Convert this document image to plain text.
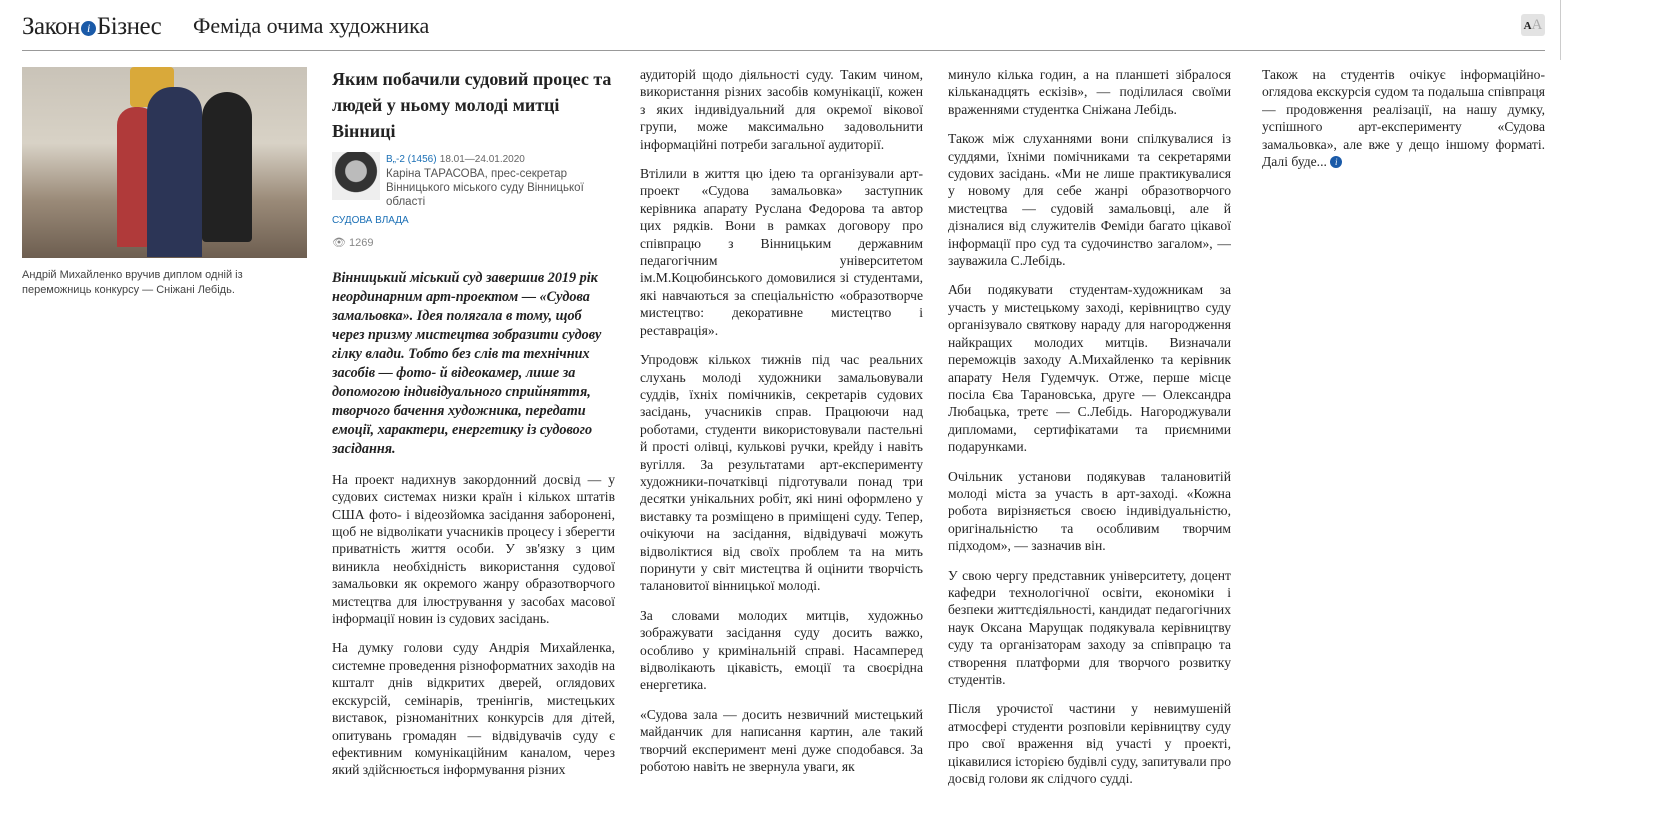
Закон і Бізнес Феміда очима художника	AA
Андрій Михайленко вручив диплом одній із переможниць конкурсу — Сніжані Лебідь.
Яким побачили судовий процес та людей у ньому молоді митці Вінниці
В„-2 (1456) 18.01—24.01.2020
Каріна ТАРАСОВА, прес-секретар Вінницького міського суду Вінницької області
СУДОВА ВЛАДА
👁 1269

Вінницький міський суд завершив 2019 рік неординарним арт-проектом — «Судова замальовка». Ідея полягала в тому, щоб через призму мистецтва зобразити судову гілку влади. Тобто без слів та технічних засобів — фото- й відеокамер, лише за допомогою індивідуального сприйняття, творчого бачення художника, передати емоції, характери, енергетику із судового засідання.

На проект надихнув закордонний досвід — у судових системах низки країн і кількох штатів США фото- і відеозйомка засідання заборонені, щоб не відволікати учасників процесу і зберегти приватність життя особи. У зв'язку з цим виникла необхідність використання судової замальовки як окремого жанру образотворчого мистецтва для ілюстрування у засобах масової інформації новин із судових засідань.

На думку голови суду Андрія Михайленка, системне проведення різноформатних заходів на кшталт днів відкритих дверей, оглядових екскурсій, семінарів, тренінгів, мистецьких виставок, різноманітних конкурсів для дітей, опитувань громадян — відвідувачів суду є ефективним комунікаційним каналом, через який здійснюється інформування різних

аудиторій щодо діяльності суду. Таким чином, використання різних засобів комунікації, кожен з яких індивідуальний для окремої вікової групи, може максимально задовольнити інформаційні потреби загальної аудиторії.

Втілили в життя цю ідею та організували арт-проект «Судова замальовка» заступник керівника апарату Руслана Федорова та автор цих рядків. Вони в рамках договору про співпрацю з Вінницьким державним педагогічним університетом ім.М.Коцюбинського домовилися зі студентами, які навчаються за спеціальністю «образотворче мистецтво: декоративне мистецтво і реставрація».

Упродовж кількох тижнів під час реальних слухань молоді художники замальовували суддів, їхніх помічників, секретарів судових засідань, учасників справ. Працюючи над роботами, студенти використовували пастельні й прості олівці, кулькові ручки, крейду і навіть вугілля. За результатами арт-експерименту художники-початківці підготували понад три десятки унікальних робіт, які нині оформлено у виставку та розміщено в приміщені суду. Тепер, очікуючи на засідання, відвідувачі можуть відволіктися від своїх проблем та на мить поринути у світ мистецтва й оцінити творчість талановитої вінницької молоді.

За словами молодих митців, художньо зображувати засідання суду досить важко, особливо у кримінальній справі. Насамперед відволікають цікавість, емоції та своєрідна енергетика.

«Судова зала — досить незвичний мистецький майданчик для написання картин, але такий творчий експеримент мені дуже сподобався. За роботою навіть не звернула уваги, як

минуло кілька годин, а на планшеті зібралося кільканадцять ескізів», — поділилася своїми враженнями студентка Сніжана Лебідь.

Також між слуханнями вони спілкувалися із суддями, їхніми помічниками та секретарями судових засідань. «Ми не лише практикувалися у новому для себе жанрі образотворчого мистецтва — судовій замальовці, але й дізналися від служителів Феміди багато цікавої інформації про суд та судочинство загалом», — зауважила С.Лебідь.

Аби подякувати студентам-художникам за участь у мистецькому заході, керівництво суду організувало святкову нараду для нагородження найкращих молодих митців. Визначали переможців заходу А.Михайленко та керівник апарату Неля Гудемчук. Отже, перше місце посіла Єва Тарановська, друге — Олександра Любацька, третє — С.Лебідь. Нагороджували дипломами, сертифікатами та приємними подарунками.

Очільник установи подякував талановитій молоді міста за участь в арт-заході. «Кожна робота вирізняється своєю індивідуальністю, оригінальністю та особливим творчим підходом», — зазначив він.

У свою чергу представник університету, доцент кафедри технологічної освіти, економіки і безпеки життєдіяльності, кандидат педагогічних наук Оксана Марущак подякувала керівництву суду та організаторам заходу за співпрацю та створення платформи для творчого розвитку студентів.

Після урочистої частини у невимушеній атмосфері студенти розповіли керівництву суду про свої враження від участі у проекті, цікавилися історією будівлі суду, запитували про досвід голови як слідчого судді.

Також на студентів очікує інформаційно-оглядова екскурсія судом та подальша співпраця — продовження реалізації, на нашу думку, успішного арт-експерименту «Судова замальовка», але вже у дещо іншому форматі. Далі буде... і
